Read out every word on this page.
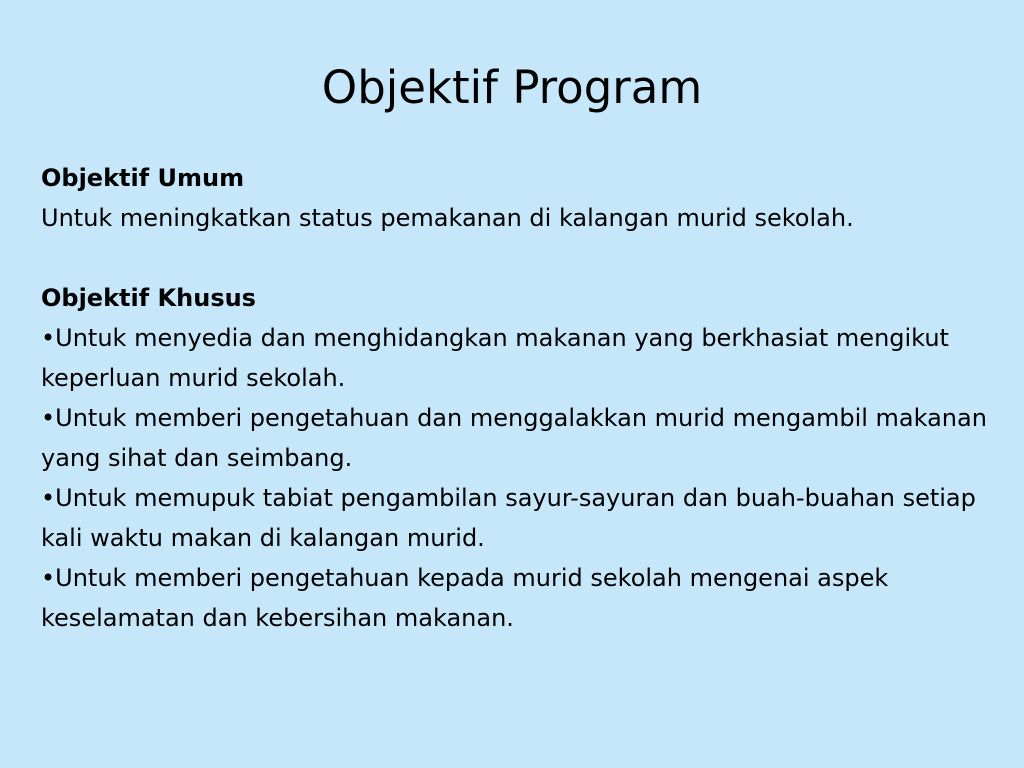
Objektif Program

Objektif Umum

Untuk meningkatkan status pemakanan di kalangan murid sekolah.

Objektif Khusus

•Untuk menyedia dan menghidangkan makanan yang berkhasiat mengikut keperluan murid sekolah.
•Untuk memberi pengetahuan dan menggalakkan murid mengambil makanan yang sihat dan seimbang.
•Untuk memupuk tabiat pengambilan sayur-sayuran dan buah-buahan setiap kali waktu makan di kalangan murid.
•Untuk memberi pengetahuan kepada murid sekolah mengenai aspek keselamatan dan kebersihan makanan.
